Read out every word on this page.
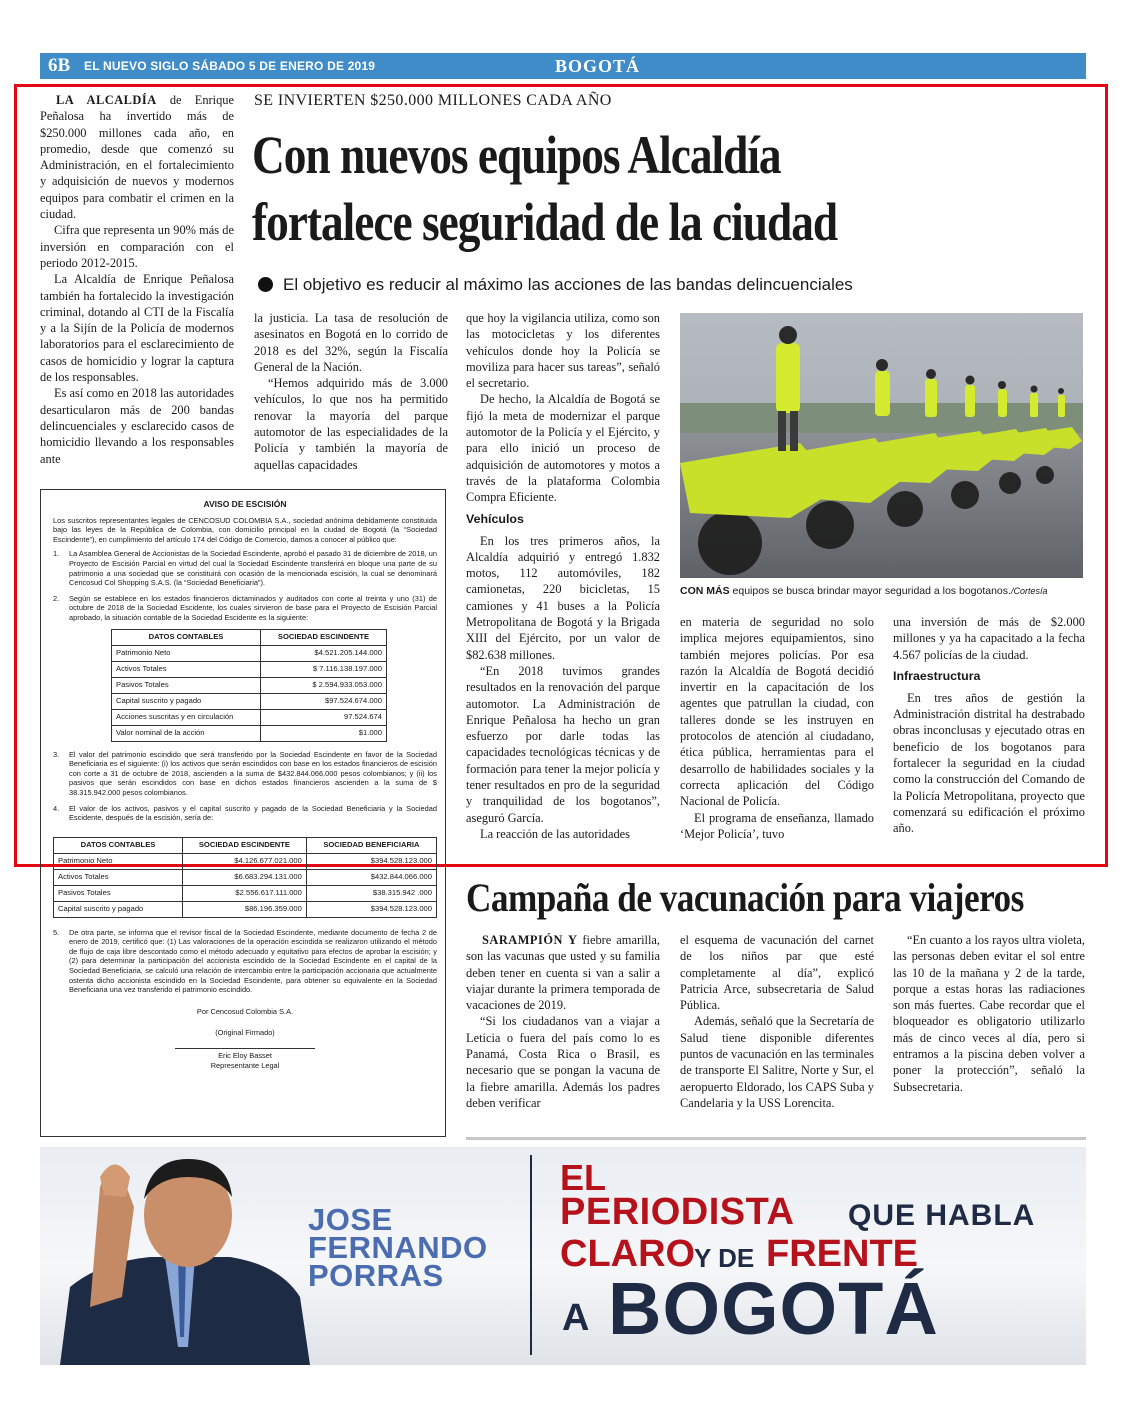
6B EL NUEVO SIGLO SÁBADO 5 DE ENERO DE 2019	BOGOTÁ
SE INVIERTEN $250.000 MILLONES CADA AÑO
Con nuevos equipos Alcaldía
fortalece seguridad de la ciudad
El objetivo es reducir al máximo las acciones de las bandas delincuenciales

LA ALCALDÍA de Enrique Peñalosa ha invertido más de $250.000 millones cada año, en promedio, desde que comenzó su Administración, en el fortalecimiento y adquisición de nuevos y modernos equipos para combatir el crimen en la ciudad.

Cifra que representa un 90% más de inversión en comparación con el periodo 2012-2015.

La Alcaldía de Enrique Peñalosa también ha fortalecido la investigación criminal, dotando al CTI de la Fiscalía y a la Sijín de la Policía de modernos laboratorios para el esclarecimiento de casos de homicidio y lograr la captura de los responsables.

Es así como en 2018 las autoridades desarticularon más de 200 bandas delincuenciales y esclarecido casos de homicidio llevando a los responsables ante

la justicia. La tasa de resolución de asesinatos en Bogotá en lo corrido de 2018 es del 32%, según la Fiscalía General de la Nación.

“Hemos adquirido más de 3.000 vehículos, lo que nos ha permitido renovar la mayoría del parque automotor de las especialidades de la Policía y también la mayoría de aquellas capacidades

que hoy la vigilancia utiliza, como son las motocicletas y los diferentes vehículos donde hoy la Policía se moviliza para hacer sus tareas”, señaló el secretario.

De hecho, la Alcaldía de Bogotá se fijó la meta de modernizar el parque automotor de la Policía y el Ejército, y para ello inició un proceso de adquisición de automotores y motos a través de la plataforma Colombia Compra Eficiente.

Vehículos

En los tres primeros años, la Alcaldía adquirió y entregó 1.832 motos, 112 automóviles, 182 camionetas, 220 bicicletas, 15 camiones y 41 buses a la Policía Metropolitana de Bogotá y la Brigada XIII del Ejército, por un valor de $82.638 millones.

“En 2018 tuvimos grandes resultados en la renovación del parque automotor. La Administración de Enrique Peñalosa ha hecho un gran esfuerzo por darle todas las capacidades tecnológicas técnicas y de formación para tener la mejor policía y tener resultados en pro de la seguridad y tranquilidad de los bogotanos”, aseguró García.

La reacción de las autoridades

CON MÁS equipos se busca brindar mayor seguridad a los bogotanos./Cortesía

en materia de seguridad no solo implica mejores equipamientos, sino también mejores policías. Por esa razón la Alcaldía de Bogotá decidió invertir en la capacitación de los agentes que patrullan la ciudad, con talleres donde se les instruyen en protocolos de atención al ciudadano, ética pública, herramientas para el desarrollo de habilidades sociales y la correcta aplicación del Código Nacional de Policía.

El programa de enseñanza, llamado ‘Mejor Policía’, tuvo

una inversión de más de $2.000 millones y ya ha capacitado a la fecha 4.567 policías de la ciudad.

Infraestructura

En tres años de gestión la Administración distrital ha destrabado obras inconclusas y ejecutado otras en beneficio de los bogotanos para fortalecer la seguridad en la ciudad como la construcción del Comando de la Policía Metropolitana, proyecto que comenzará su edificación el próximo año.

AVISO DE ESCISIÓN

Los suscritos representantes legales de CENCOSUD COLOMBIA S.A., sociedad anónima debidamente constituida bajo las leyes de la República de Colombia, con domicilio principal en la ciudad de Bogotá (la “Sociedad Escindente”), en cumplimiento del artículo 174 del Código de Comercio, damos a conocer al público que:

1.	La Asamblea General de Accionistas de la Sociedad Escindente, aprobó el pasado 31 de diciembre de 2018, un Proyecto de Escisión Parcial en virtud del cual la Sociedad Escindente transferirá en bloque una parte de su patrimonio a una sociedad que se constituirá con ocasión de la mencionada escisión, la cual se denominará Cencosud Col Shopping S.A.S. (la “Sociedad Beneficiaria”).
2.	Según se establece en los estados financieros dictaminados y auditados con corte al treinta y uno (31) de octubre de 2018 de la Sociedad Escidente, los cuales sirvieron de base para el Proyecto de Escisión Parcial aprobado, la situación contable de la Sociedad Escidente es la siguiente:
DATOS CONTABLES	SOCIEDAD ESCINDENTE
Patrimonio Neto	$4.521.205.144.000
Activos Totales	$ 7.116.138.197.000
Pasivos Totales	$ 2.594.933.053.000
Capital suscrito y pagado	$97.524.674.000
Acciones suscritas y en circulación	97.524.674
Valor nominal de la acción	$1.000
3.	El valor del patrimonio escindido que será transferido por la Sociedad Escindente en favor de la Sociedad Beneficiaria es el siguiente: (i) los activos que serán escindidos con base en los estados financieros de escisión con corte a 31 de octubre de 2018, ascienden a la suma de $432.844.066.000 pesos colombianos; y (ii) los pasivos que serán escindidos con base en dichos estados financieros ascienden a la suma de $ 38.315.942.000 pesos colombianos.
4.	El valor de los activos, pasivos y el capital suscrito y pagado de la Sociedad Beneficiaria y la Sociedad Escidente, después de la escisión, sería de:
DATOS CONTABLES	SOCIEDAD ESCINDENTE	SOCIEDAD BENEFICIARIA
Patrimonio Neto	$4.126.677.021.000	$394.528.123.000
Activos Totales	$6.683.294.131.000	$432.844.066.000
Pasivos Totales	$2.556.617.111.000	$38.315.942 .000
Capital suscrito y pagado	$86.196.359.000	$394.528.123.000
5.	De otra parte, se informa que el revisor fiscal de la Sociedad Escindente, mediante documento de fecha 2 de enero de 2019, certificó que: (1) Las valoraciones de la operación escindida se realizaron utilizando el método de flujo de caja libre descontado como el método adecuado y equitativo para efectos de aprobar la escisión; y (2) para determinar la participación del accionista escindido de la Sociedad Escindente en el capital de la Sociedad Beneficiaria, se calculó una relación de intercambio entre la participación accionaria que actualmente ostenta dicho accionista escindido en la Sociedad Escindente, para obtener su equivalente en la Sociedad Beneficiaria una vez transferido el patrimonio escindido.
Por Cencosud Colombia S.A.
(Original Firmado)
Eric Eloy Basset
Representante Legal
Campaña de vacunación para viajeros

SARAMPIÓN Y fiebre amarilla, son las vacunas que usted y su familia deben tener en cuenta si van a salir a viajar durante la primera temporada de vacaciones de 2019.

“Si los ciudadanos van a viajar a Leticia o fuera del país como lo es Panamá, Costa Rica o Brasil, es necesario que se pongan la vacuna de la fiebre amarilla. Además los padres deben verificar

el esquema de vacunación del carnet de los niños par que esté completamente al día”, explicó Patricia Arce, subsecretaria de Salud Pública.

Además, señaló que la Secretaría de Salud tiene disponible diferentes puntos de vacunación en las terminales de transporte El Salitre, Norte y Sur, el aeropuerto Eldorado, los CAPS Suba y Candelaria y la USS Lorencita.

“En cuanto a los rayos ultra violeta, las personas deben evitar el sol entre las 10 de la mañana y 2 de la tarde, porque a estas horas las radiaciones son más fuertes. Cabe recordar que el bloqueador es obligatorio utilizarlo más de cinco veces al día, pero si entramos a la piscina deben volver a poner la protección”, señaló la Subsecretaria.

JOSE
FERNANDO
PORRAS
EL
PERIODISTA QUE HABLA
CLARO
Y DE FRENTE
A BOGOTÁ
